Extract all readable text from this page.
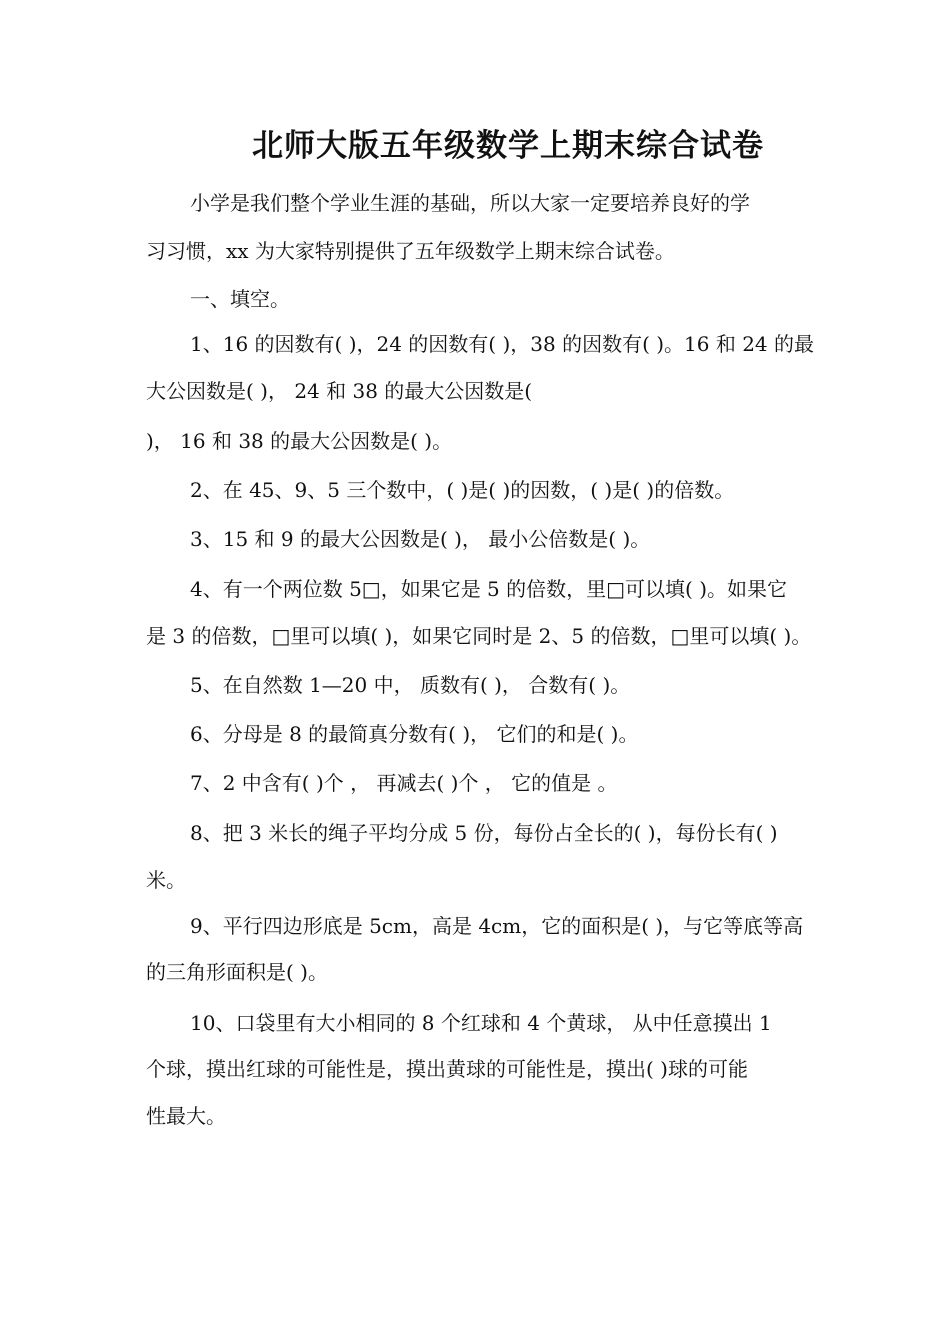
北师大版五年级数学上期末综合试卷
小学是我们整个学业生涯的基础，所以大家一定要培养良好的学
习习惯，xx 为大家特别提供了五年级数学上期末综合试卷。
一、填空。
1、16 的因数有( )，24 的因数有( )，38 的因数有( )。16 和 24 的最
大公因数是( )， 24 和 38 的最大公因数是(
)， 16 和 38 的最大公因数是( )。
2、在 45、9、5 三个数中，( )是( )的因数，( )是( )的倍数。
3、15 和 9 的最大公因数是( )， 最小公倍数是( )。
4、有一个两位数 5□，如果它是 5 的倍数，里□可以填( )。如果它
是 3 的倍数，□里可以填( )，如果它同时是 2、5 的倍数，□里可以填( )。
5、在自然数 1—20 中， 质数有( )， 合数有( )。
6、分母是 8 的最简真分数有( )， 它们的和是( )。
7、2 中含有( )个 ， 再减去( )个 ， 它的值是 。
8、把 3 米长的绳子平均分成 5 份，每份占全长的( )，每份长有( )
米。
9、平行四边形底是 5cm，高是 4cm，它的面积是( )，与它等底等高
的三角形面积是( )。
10、口袋里有大小相同的 8 个红球和 4 个黄球， 从中任意摸出 1
个球，摸出红球的可能性是，摸出黄球的可能性是，摸出( )球的可能
性最大。
